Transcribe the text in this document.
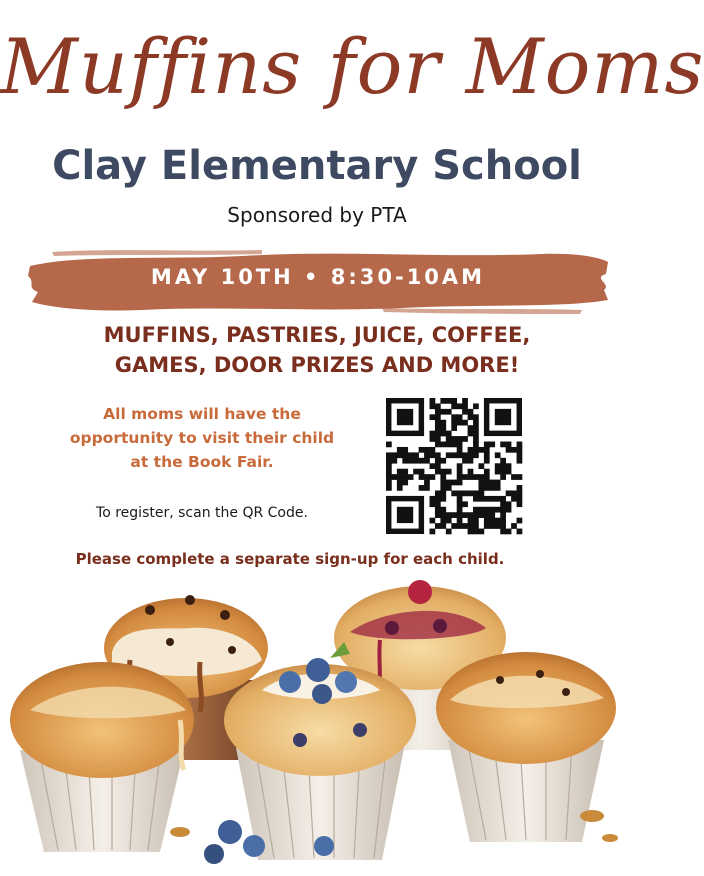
Muffins for Moms
Clay Elementary School
Sponsored by PTA
MAY 10TH • 8:30-10AM
MUFFINS, PASTRIES, JUICE, COFFEE,
GAMES, DOOR PRIZES AND MORE!
All moms will have the
opportunity to visit their child
at the Book Fair.
To register, scan the QR Code.
Please complete a separate sign-up for each child.
